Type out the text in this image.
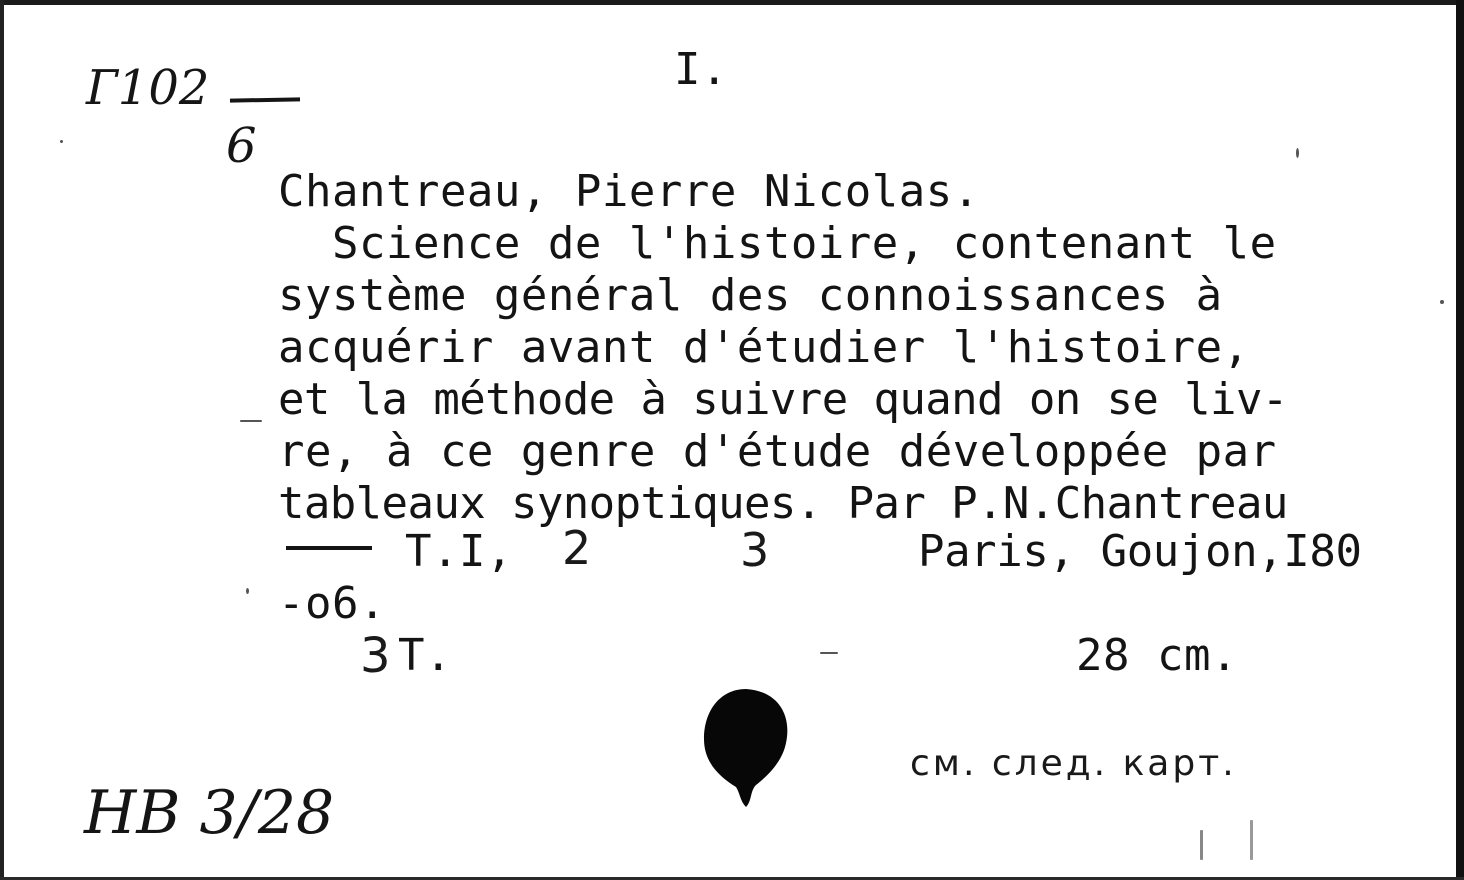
Г102
6
I.
Chantreau, Pierre Nicolas.
Science de l'histoire, contenant le
système général des connoissances à
acquérir avant d'étudier l'histoire,
et la méthode à suivre quand on se liv-
re, à ce genre d'étude développée par
tableaux synoptiques. Par P.N.Chantreau
T.I, 2	3	Paris, Goujon,I80
-o6.
3 T.	28 cm.
НВ 3/28
см. след. карт.
